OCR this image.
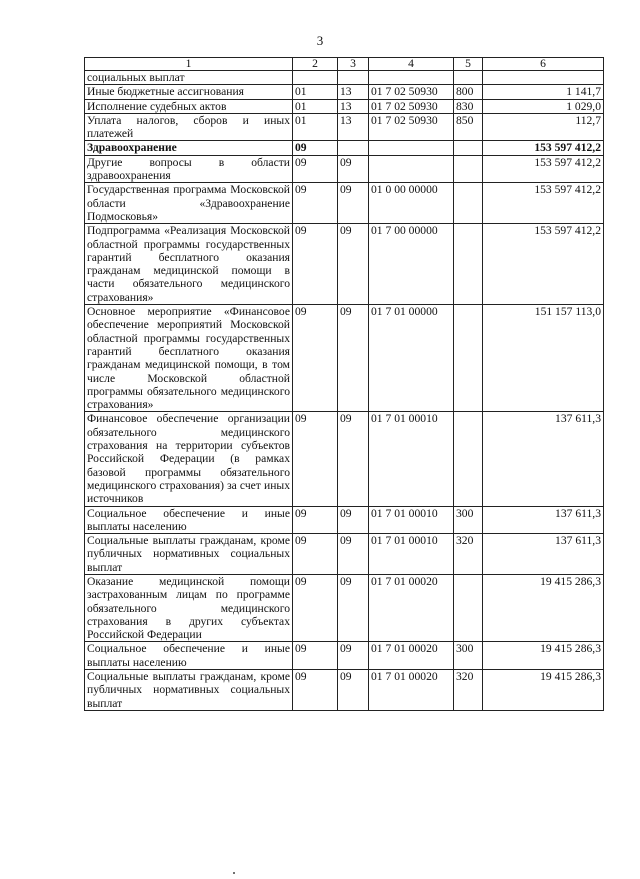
3
1	2	3	4	5	6
социальных выплат					
Иные бюджетные ассигнования	01	13	01 7 02 50930	800	1 141,7
Исполнение судебных актов	01	13	01 7 02 50930	830	1 029,0
Уплата налогов, сборов и иных платежей	01	13	01 7 02 50930	850	112,7
Здравоохранение	09				153 597 412,2
Другие вопросы в области здравоохранения	09	09			153 597 412,2
Государственная программа Московской области «Здравоохранение Подмосковья»	09	09	01 0 00 00000		153 597 412,2
Подпрограмма «Реализация Московской областной программы государственных гарантий бесплатного оказания гражданам медицинской помощи в части обязательного медицинского страхования»	09	09	01 7 00 00000		153 597 412,2
Основное мероприятие «Финансовое обеспечение мероприятий Московской областной программы государственных гарантий бесплатного оказания гражданам медицинской помощи, в том числе Московской областной программы обязательного медицинского страхования»	09	09	01 7 01 00000		151 157 113,0
Финансовое обеспечение организации обязательного медицинского страхования на территории субъектов Российской Федерации (в рамках базовой программы обязательного медицинского страхования) за счет иных источников	09	09	01 7 01 00010		137 611,3
Социальное обеспечение и иные выплаты населению	09	09	01 7 01 00010	300	137 611,3
Социальные выплаты гражданам, кроме публичных нормативных социальных выплат	09	09	01 7 01 00010	320	137 611,3
Оказание медицинской помощи застрахованным лицам по программе обязательного медицинского страхования в других субъектах Российской Федерации	09	09	01 7 01 00020		19 415 286,3
Социальное обеспечение и иные выплаты населению	09	09	01 7 01 00020	300	19 415 286,3
Социальные выплаты гражданам, кроме публичных нормативных социальных выплат	09	09	01 7 01 00020	320	19 415 286,3
